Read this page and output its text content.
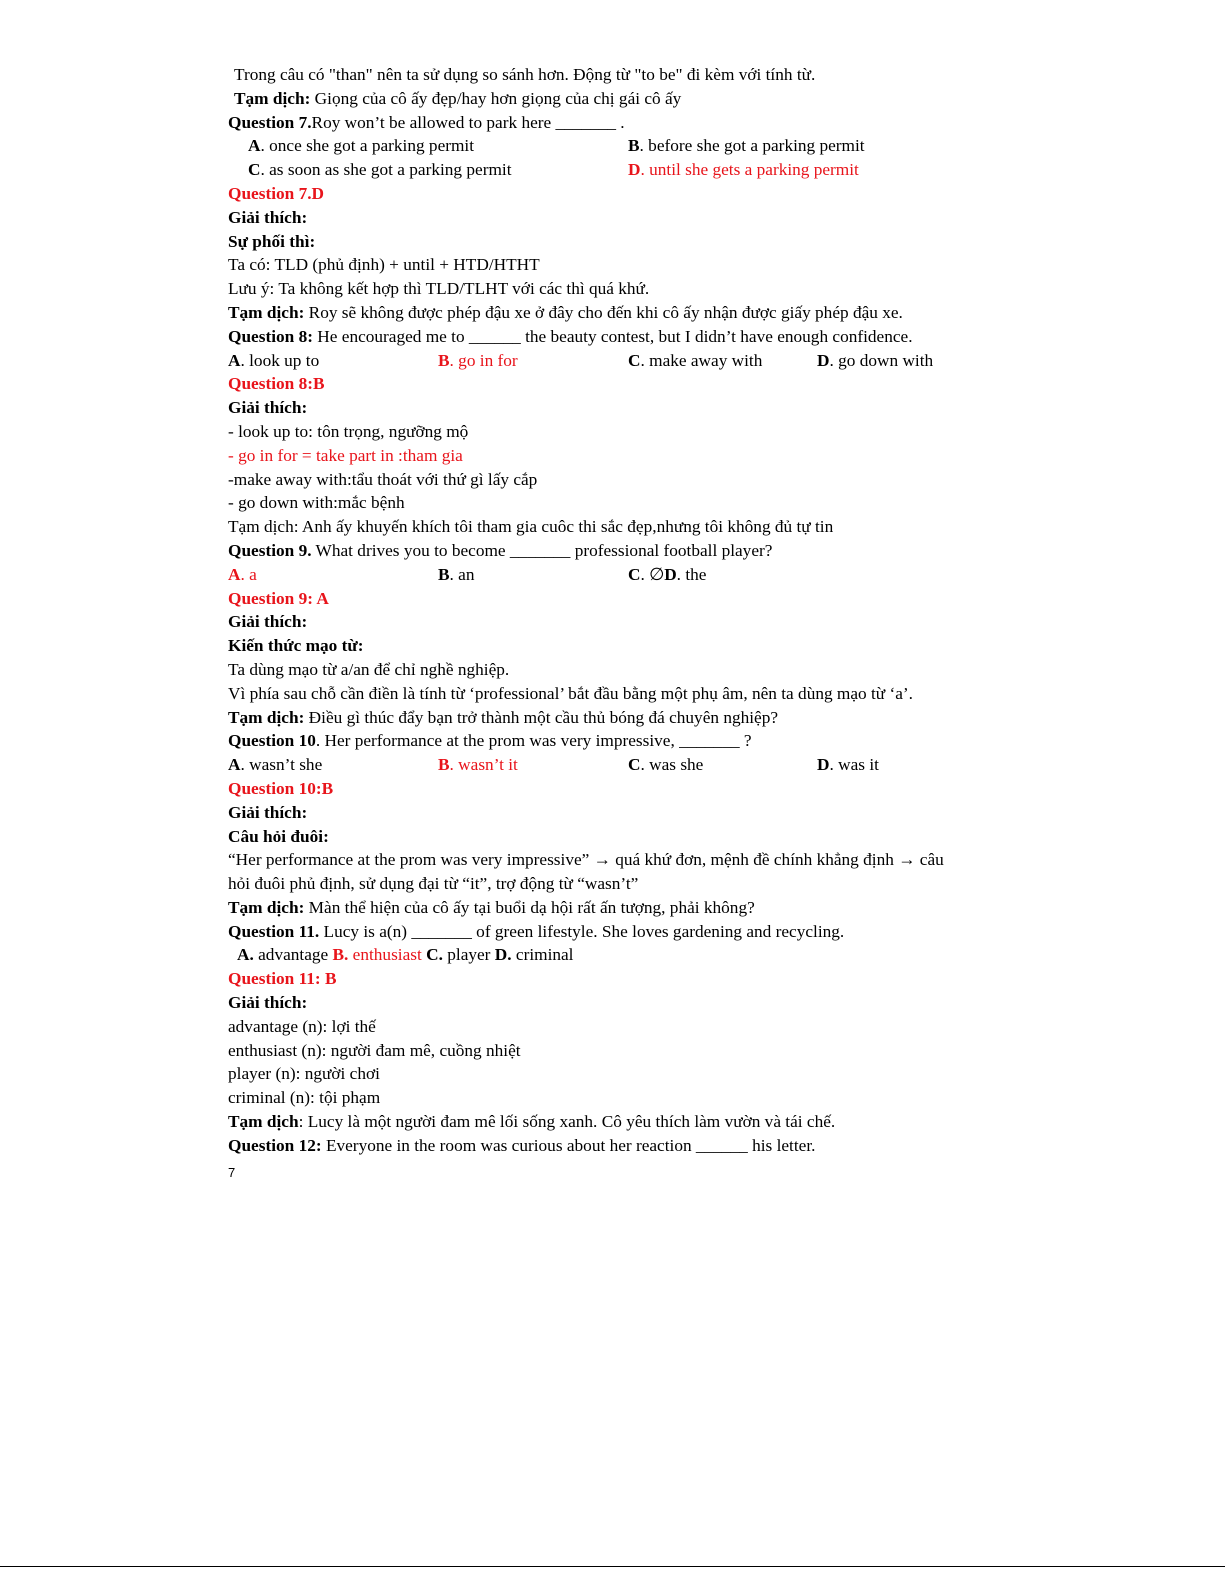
Trong câu có "than" nên ta sử dụng so sánh hơn. Động từ "to be" đi kèm với tính từ.
Tạm dịch: Giọng của cô ấy đẹp/hay hơn giọng của chị gái cô ấy
Question 7.Roy won’t be allowed to park here _______ .
A. once she got a parking permit	B. before she got a parking permit
C. as soon as she got a parking permit	D. until she gets a parking permit
Question 7.D
Giải thích:
Sự phối thì:
Ta có: TLD (phủ định) + until + HTD/HTHT
Lưu ý: Ta không kết hợp thì TLD/TLHT với các thì quá khứ.
Tạm dịch: Roy sẽ không được phép đậu xe ở đây cho đến khi cô ấy nhận được giấy phép đậu xe.
Question 8: He encouraged me to ______ the beauty contest, but I didn’t have enough confidence.
A. look up to	B. go in for	C. make away with	D. go down with
Question 8:B
Giải thích:
- look up to: tôn trọng, ngưỡng mộ
- go in for = take part in :tham gia
-make away with:tẩu thoát với thứ gì lấy cắp
- go down with:mắc bệnh
Tạm dịch: Anh ấy khuyến khích tôi tham gia cuôc thi sắc đẹp,nhưng tôi không đủ tự tin
Question 9. What drives you to become _______ professional football player?
A. a	B. an	C. ∅D. the
Question 9: A
Giải thích:
Kiến thức mạo từ:
Ta dùng mạo từ a/an để chỉ nghề nghiệp.
Vì phía sau chỗ cần điền là tính từ ‘professional’ bắt đầu bằng một phụ âm, nên ta dùng mạo từ ‘a’.
Tạm dịch: Điều gì thúc đẩy bạn trở thành một cầu thủ bóng đá chuyên nghiệp?
Question 10. Her performance at the prom was very impressive, _______ ?
A. wasn’t she	B. wasn’t it	C. was she	D. was it
Question 10:B
Giải thích:
Câu hỏi đuôi:
“Her performance at the prom was very impressive” → quá khứ đơn, mệnh đề chính khẳng định → câu
hỏi đuôi phủ định, sử dụng đại từ “it”, trợ động từ “wasn’t”
Tạm dịch: Màn thể hiện của cô ấy tại buổi dạ hội rất ấn tượng, phải không?
Question 11. Lucy is a(n) _______ of green lifestyle. She loves gardening and recycling.
A. advantage B. enthusiast C. player D. criminal
Question 11: B
Giải thích:
advantage (n): lợi thế
enthusiast (n): người đam mê, cuồng nhiệt
player (n): người chơi
criminal (n): tội phạm
Tạm dịch: Lucy là một người đam mê lối sống xanh. Cô yêu thích làm vườn và tái chế.
Question 12: Everyone in the room was curious about her reaction ______ his letter.
7
